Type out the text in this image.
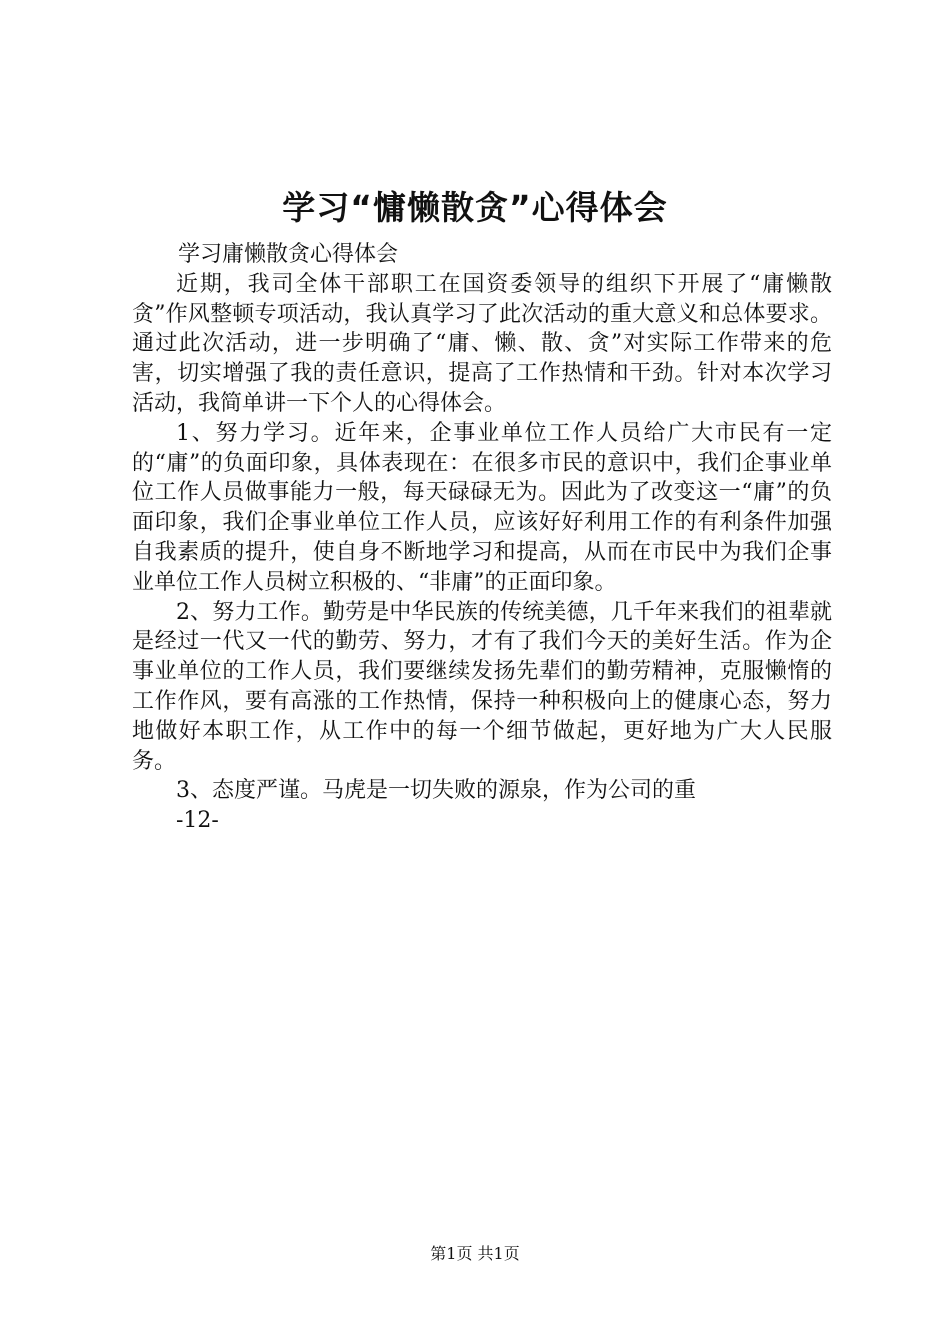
学习“慵懒散贪”心得体会

学习庸懒散贪心得体会

近期，我司全体干部职工在国资委领导的组织下开展了“庸懒散贪”作风整顿专项活动，我认真学习了此次活动的重大意义和总体要求。通过此次活动，进一步明确了“庸、懒、散、贪”对实际工作带来的危害，切实增强了我的责任意识，提高了工作热情和干劲。针对本次学习活动，我简单讲一下个人的心得体会。

1、努力学习。近年来，企事业单位工作人员给广大市民有一定的“庸”的负面印象，具体表现在：在很多市民的意识中，我们企事业单位工作人员做事能力一般，每天碌碌无为。因此为了改变这一“庸”的负面印象，我们企事业单位工作人员，应该好好利用工作的有利条件加强自我素质的提升，使自身不断地学习和提高，从而在市民中为我们企事业单位工作人员树立积极的、“非庸”的正面印象。

2、努力工作。勤劳是中华民族的传统美德，几千年来我们的祖辈就是经过一代又一代的勤劳、努力，才有了我们今天的美好生活。作为企事业单位的工作人员，我们要继续发扬先辈们的勤劳精神，克服懒惰的工作作风，要有高涨的工作热情，保持一种积极向上的健康心态，努力地做好本职工作，从工作中的每一个细节做起，更好地为广大人民服务。

3、态度严谨。马虎是一切失败的源泉，作为公司的重

-12-

第1页 共1页
